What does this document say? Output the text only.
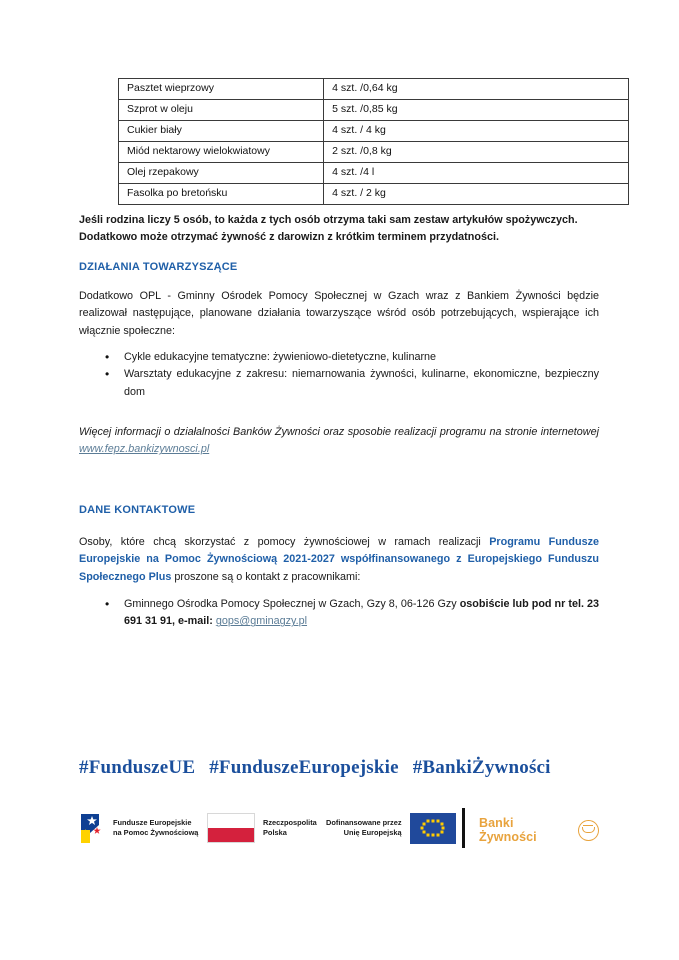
Pasztet wieprzowy	4 szt. /0,64 kg
Szprot w oleju	5 szt. /0,85 kg
Cukier biały	4 szt. / 4 kg
Miód nektarowy wielokwiatowy	2 szt. /0,8 kg
Olej rzepakowy	4 szt. /4 l
Fasolka po bretońsku	4 szt. / 2 kg
Jeśli rodzina liczy 5 osób, to każda z tych osób otrzyma taki sam zestaw artykułów spożywczych.
Dodatkowo może otrzymać żywność z darowizn z krótkim terminem przydatności.
DZIAŁANIA TOWARZYSZĄCE
Dodatkowo OPL - Gminny Ośrodek Pomocy Społecznej w Gzach wraz z Bankiem Żywności będzie realizował następujące, planowane działania towarzyszące wśród osób potrzebujących, wspierające ich włącznie społeczne:
• Cykle edukacyjne tematyczne: żywieniowo-dietetyczne, kulinarne
• Warsztaty edukacyjne z zakresu: niemarnowania żywności, kulinarne, ekonomiczne, bezpieczny dom
Więcej informacji o działalności Banków Żywności oraz sposobie realizacji programu na stronie internetowej www.fepz.bankizywnosci.pl
DANE KONTAKTOWE
Osoby, które chcą skorzystać z pomocy żywnościowej w ramach realizacji Programu Fundusze Europejskie na Pomoc Żywnościową 2021-2027 współfinansowanego z Europejskiego Funduszu Społecznego Plus proszone są o kontakt z pracownikami:
• Gminnego Ośrodka Pomocy Społecznej w Gzach, Gzy 8, 06-126 Gzy osobiście lub pod nr tel. 23 691 31 91, e-mail: gops@gminagzy.pl
#FunduszeUE #FunduszeEuropejskie #BankiŻywności
Fundusze Europejskie
na Pomoc Żywnościową
Rzeczpospolita
Polska
Dofinansowane przez
Unię Europejską
Banki Żywności
